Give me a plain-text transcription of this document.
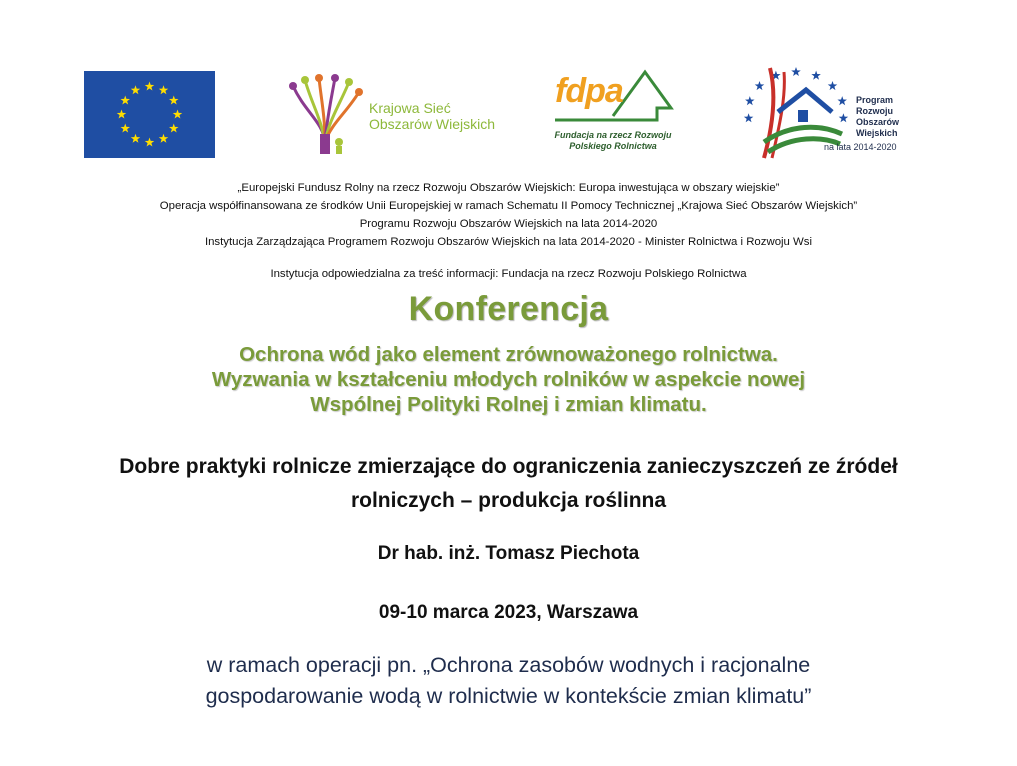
Krajowa Sieć
Obszarów Wiejskich
fdpa
Fundacja na rzecz Rozwoju
Polskiego Rolnictwa
Program
Rozwoju
Obszarów
Wiejskich
na lata 2014-2020
„Europejski Fundusz Rolny na rzecz Rozwoju Obszarów Wiejskich: Europa inwestująca w obszary wiejskie”
Operacja współfinansowana ze środków Unii Europejskiej w ramach Schematu II Pomocy Technicznej „Krajowa Sieć Obszarów Wiejskich”
Programu Rozwoju Obszarów Wiejskich na lata 2014-2020
Instytucja Zarządzająca Programem Rozwoju Obszarów Wiejskich na lata 2014-2020 - Minister Rolnictwa i Rozwoju Wsi
Instytucja odpowiedzialna za treść informacji: Fundacja na rzecz Rozwoju Polskiego Rolnictwa
Konferencja
Ochrona wód jako element zrównoważonego rolnictwa.
Wyzwania w kształceniu młodych rolników w aspekcie nowej
Wspólnej Polityki Rolnej i zmian klimatu.
Dobre praktyki rolnicze zmierzające do ograniczenia zanieczyszczeń ze źródeł
rolniczych – produkcja roślinna
Dr hab. inż. Tomasz Piechota
09-10 marca 2023, Warszawa
w ramach operacji pn. „Ochrona zasobów wodnych i racjonalne
gospodarowanie wodą w rolnictwie w kontekście zmian klimatu”
